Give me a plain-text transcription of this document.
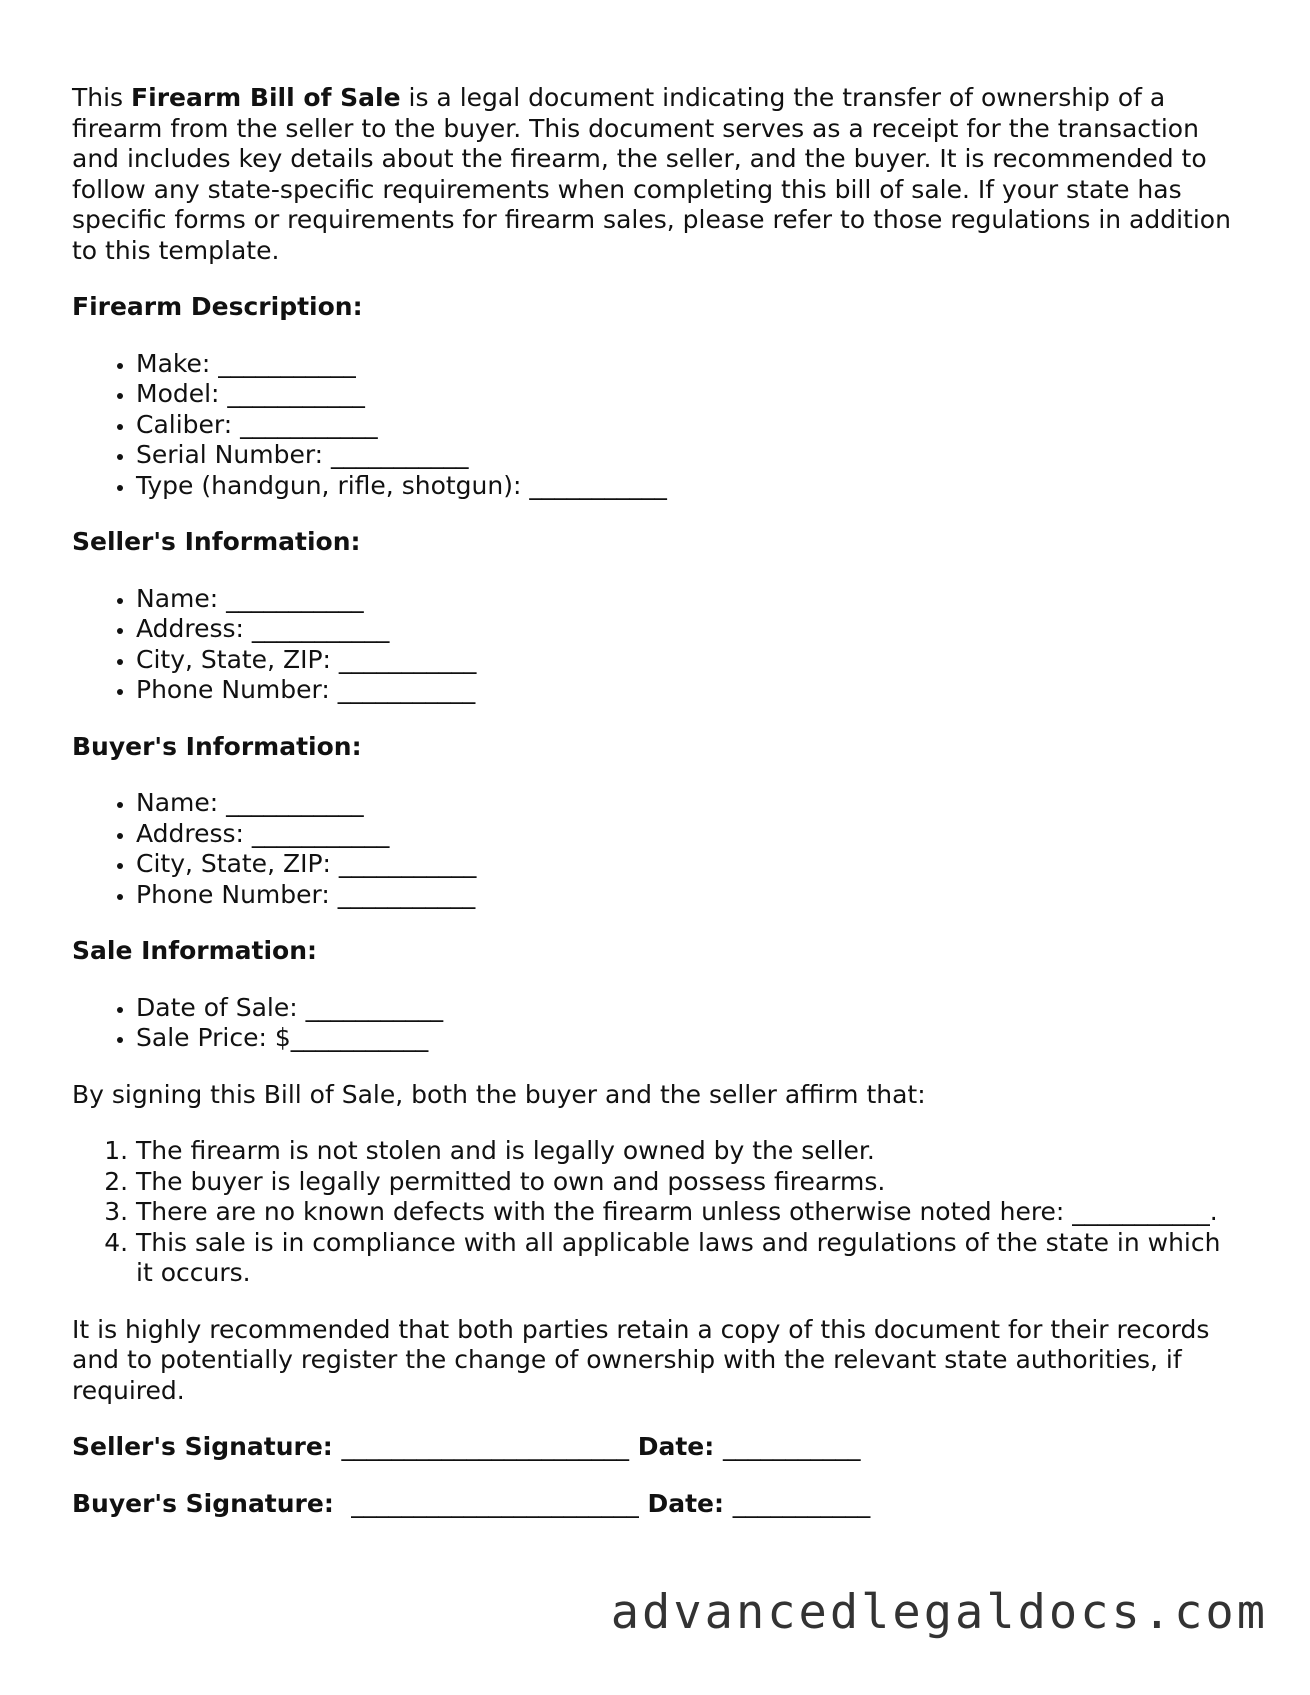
This Firearm Bill of Sale is a legal document indicating the transfer of ownership of a firearm from the seller to the buyer. This document serves as a receipt for the transaction and includes key details about the firearm, the seller, and the buyer. It is recommended to follow any state-specific requirements when completing this bill of sale. If your state has specific forms or requirements for firearm sales, please refer to those regulations in addition to this template.

Firearm Description:
• Make: ___________
• Model: ___________
• Caliber: ___________
• Serial Number: ___________
• Type (handgun, rifle, shotgun): ___________
Seller's Information:
• Name: ___________
• Address: ___________
• City, State, ZIP: ___________
• Phone Number: ___________
Buyer's Information:
• Name: ___________
• Address: ___________
• City, State, ZIP: ___________
• Phone Number: ___________
Sale Information:
• Date of Sale: ___________
• Sale Price: $___________

By signing this Bill of Sale, both the buyer and the seller affirm that:

1. The firearm is not stolen and is legally owned by the seller.
2. The buyer is legally permitted to own and possess firearms.
3. There are no known defects with the firearm unless otherwise noted here: ___________.
4. This sale is in compliance with all applicable laws and regulations of the state in which it occurs.

It is highly recommended that both parties retain a copy of this document for their records and to potentially register the change of ownership with the relevant state authorities, if required.

Seller's Signature: _______________________ Date: ___________
Buyer's Signature: _______________________ Date: ___________
advancedlegaldocs.com
